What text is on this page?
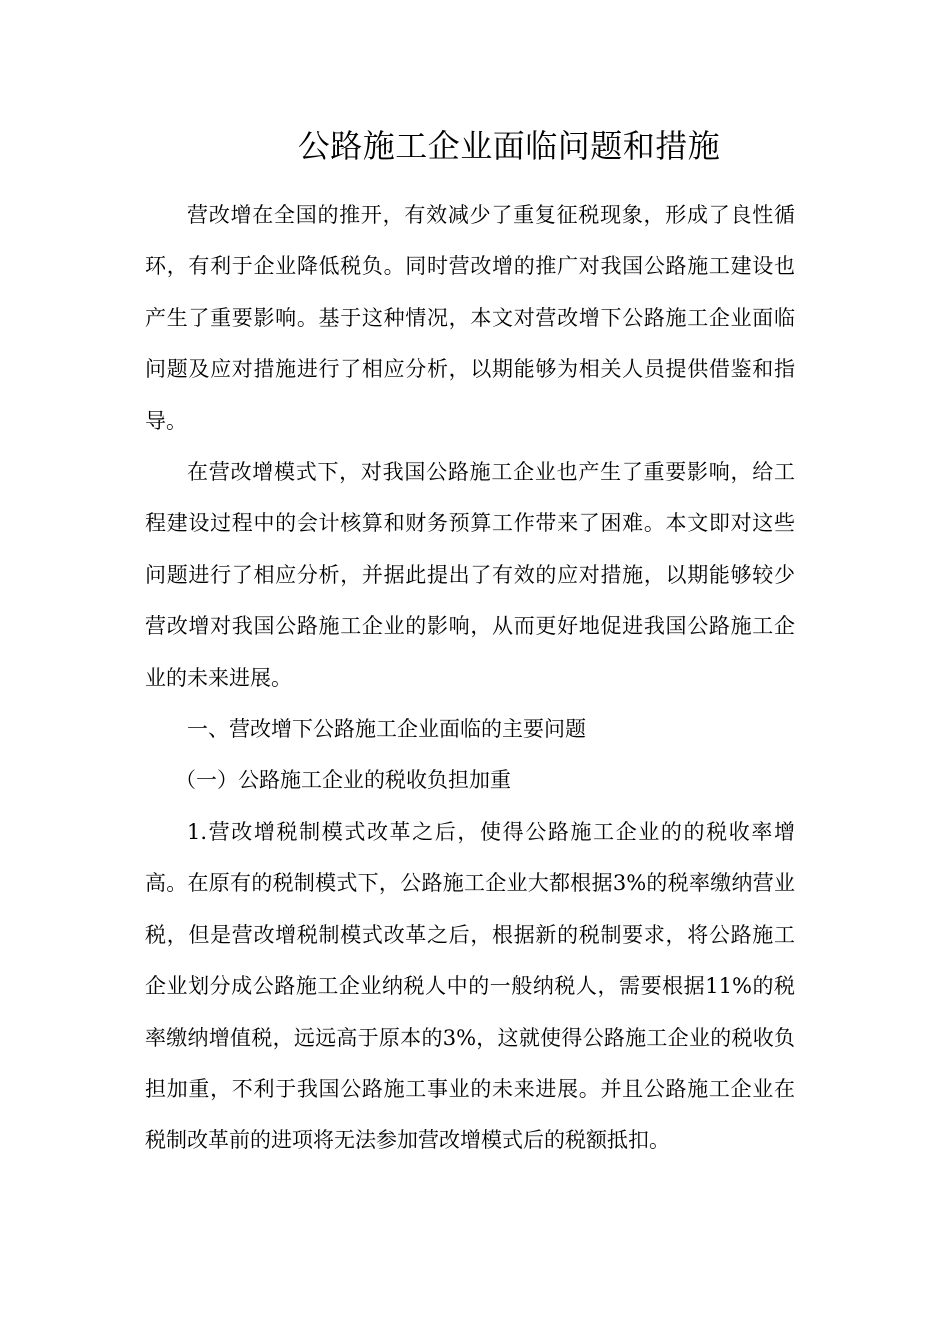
公路施工企业面临问题和措施

营改增在全国的推开，有效减少了重复征税现象，形成了良性循环，有利于企业降低税负。同时营改增的推广对我国公路施工建设也产生了重要影响。基于这种情况，本文对营改增下公路施工企业面临问题及应对措施进行了相应分析，以期能够为相关人员提供借鉴和指导。

在营改增模式下，对我国公路施工企业也产生了重要影响，给工程建设过程中的会计核算和财务预算工作带来了困难。本文即对这些问题进行了相应分析，并据此提出了有效的应对措施，以期能够较少营改增对我国公路施工企业的影响，从而更好地促进我国公路施工企业的未来进展。

一、营改增下公路施工企业面临的主要问题

（一）公路施工企业的税收负担加重

1.营改增税制模式改革之后，使得公路施工企业的的税收率增高。在原有的税制模式下，公路施工企业大都根据3%的税率缴纳营业税，但是营改增税制模式改革之后，根据新的税制要求，将公路施工企业划分成公路施工企业纳税人中的一般纳税人，需要根据11%的税率缴纳增值税，远远高于原本的3%，这就使得公路施工企业的税收负担加重，不利于我国公路施工事业的未来进展。并且公路施工企业在税制改革前的进项将无法参加营改增模式后的税额抵扣。
